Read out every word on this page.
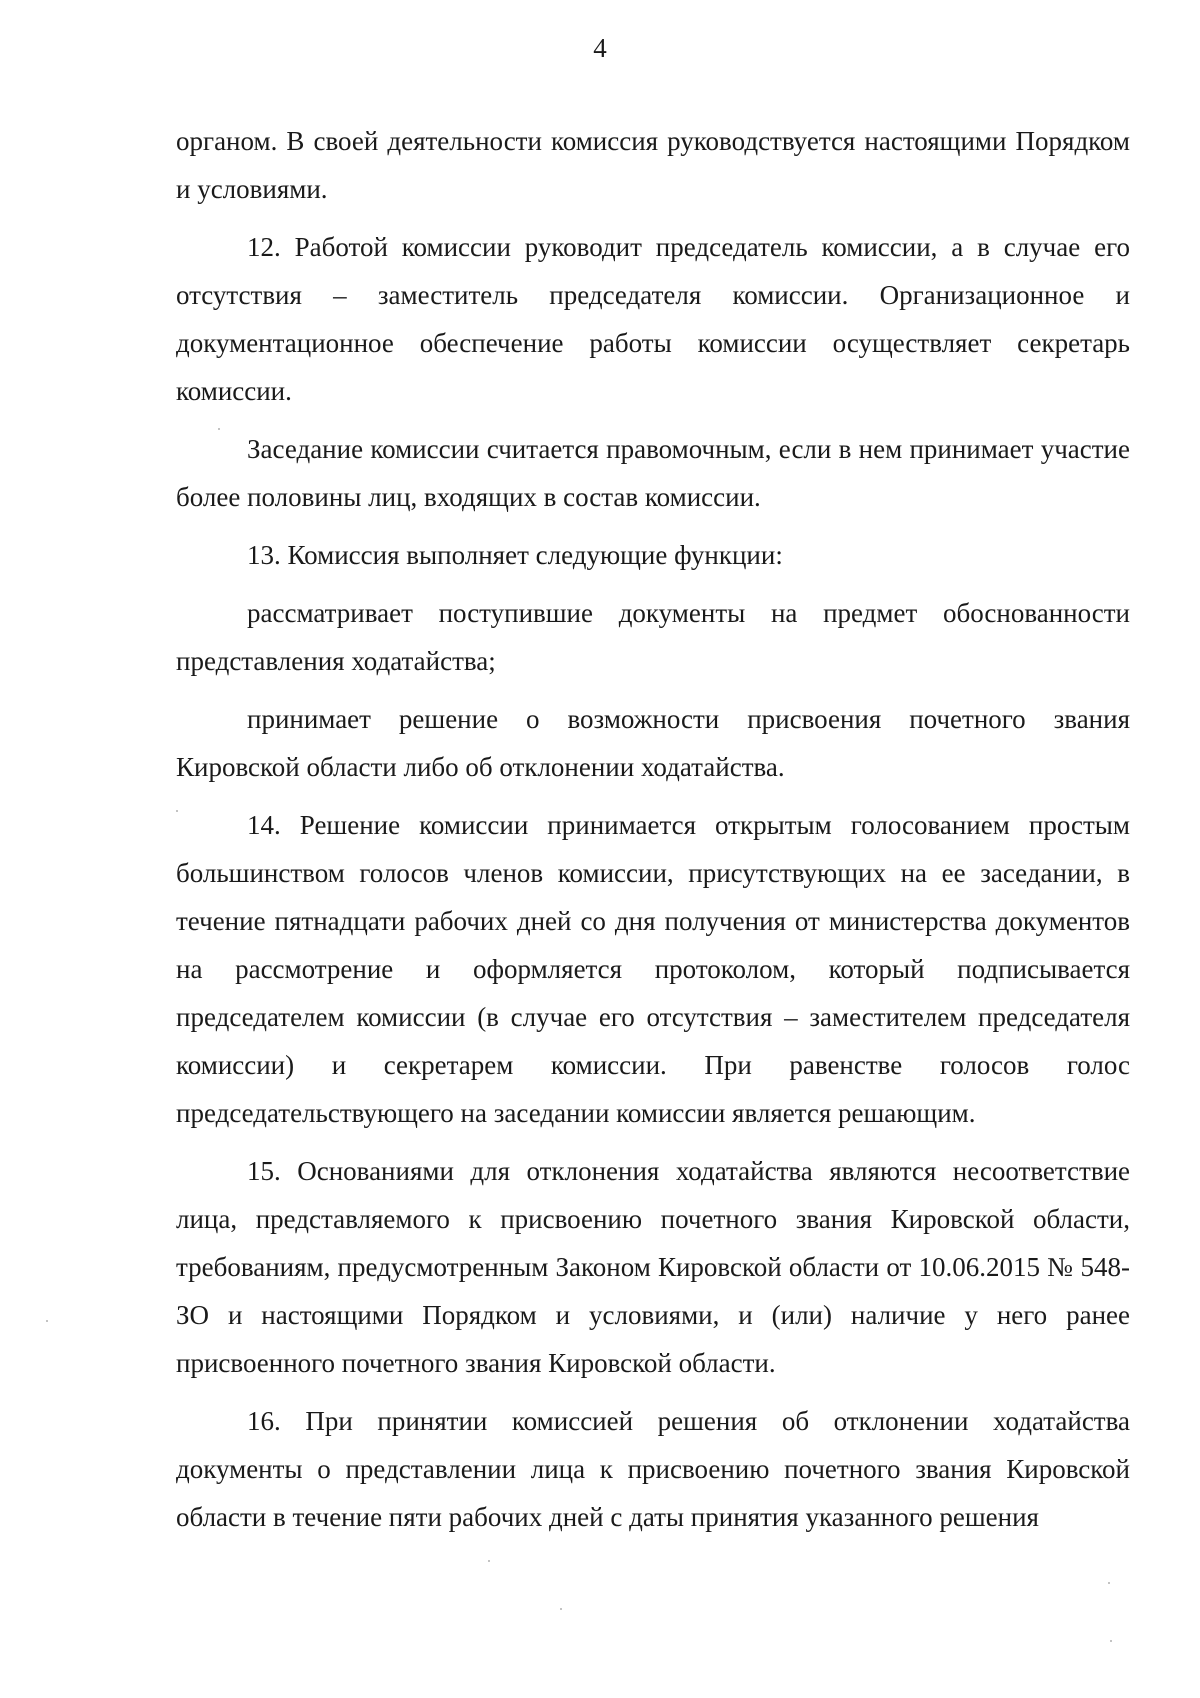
4

органом. В своей деятельности комиссия руководствуется настоящими Порядком и условиями.

12. Работой комиссии руководит председатель комиссии, а в случае его отсутствия – заместитель председателя комиссии. Организационное и документационное обеспечение работы комиссии осуществляет секретарь комиссии.

Заседание комиссии считается правомочным, если в нем принимает участие более половины лиц, входящих в состав комиссии.

13. Комиссия выполняет следующие функции:

рассматривает поступившие документы на предмет обоснованности представления ходатайства;

принимает решение о возможности присвоения почетного звания Кировской области либо об отклонении ходатайства.

14. Решение комиссии принимается открытым голосованием простым большинством голосов членов комиссии, присутствующих на ее заседании, в течение пятнадцати рабочих дней со дня получения от министерства документов на рассмотрение и оформляется протоколом, который подписывается председателем комиссии (в случае его отсутствия – заместителем председателя комиссии) и секретарем комиссии. При равенстве голосов голос председательствующего на заседании комиссии является решающим.

15. Основаниями для отклонения ходатайства являются несоответствие лица, представляемого к присвоению почетного звания Кировской области, требованиям, предусмотренным Законом Кировской области от 10.06.2015 № 548-ЗО и настоящими Порядком и условиями, и (или) наличие у него ранее присвоенного почетного звания Кировской области.

16. При принятии комиссией решения об отклонении ходатайства документы о представлении лица к присвоению почетного звания Кировской области в течение пяти рабочих дней с даты принятия указанного решения
